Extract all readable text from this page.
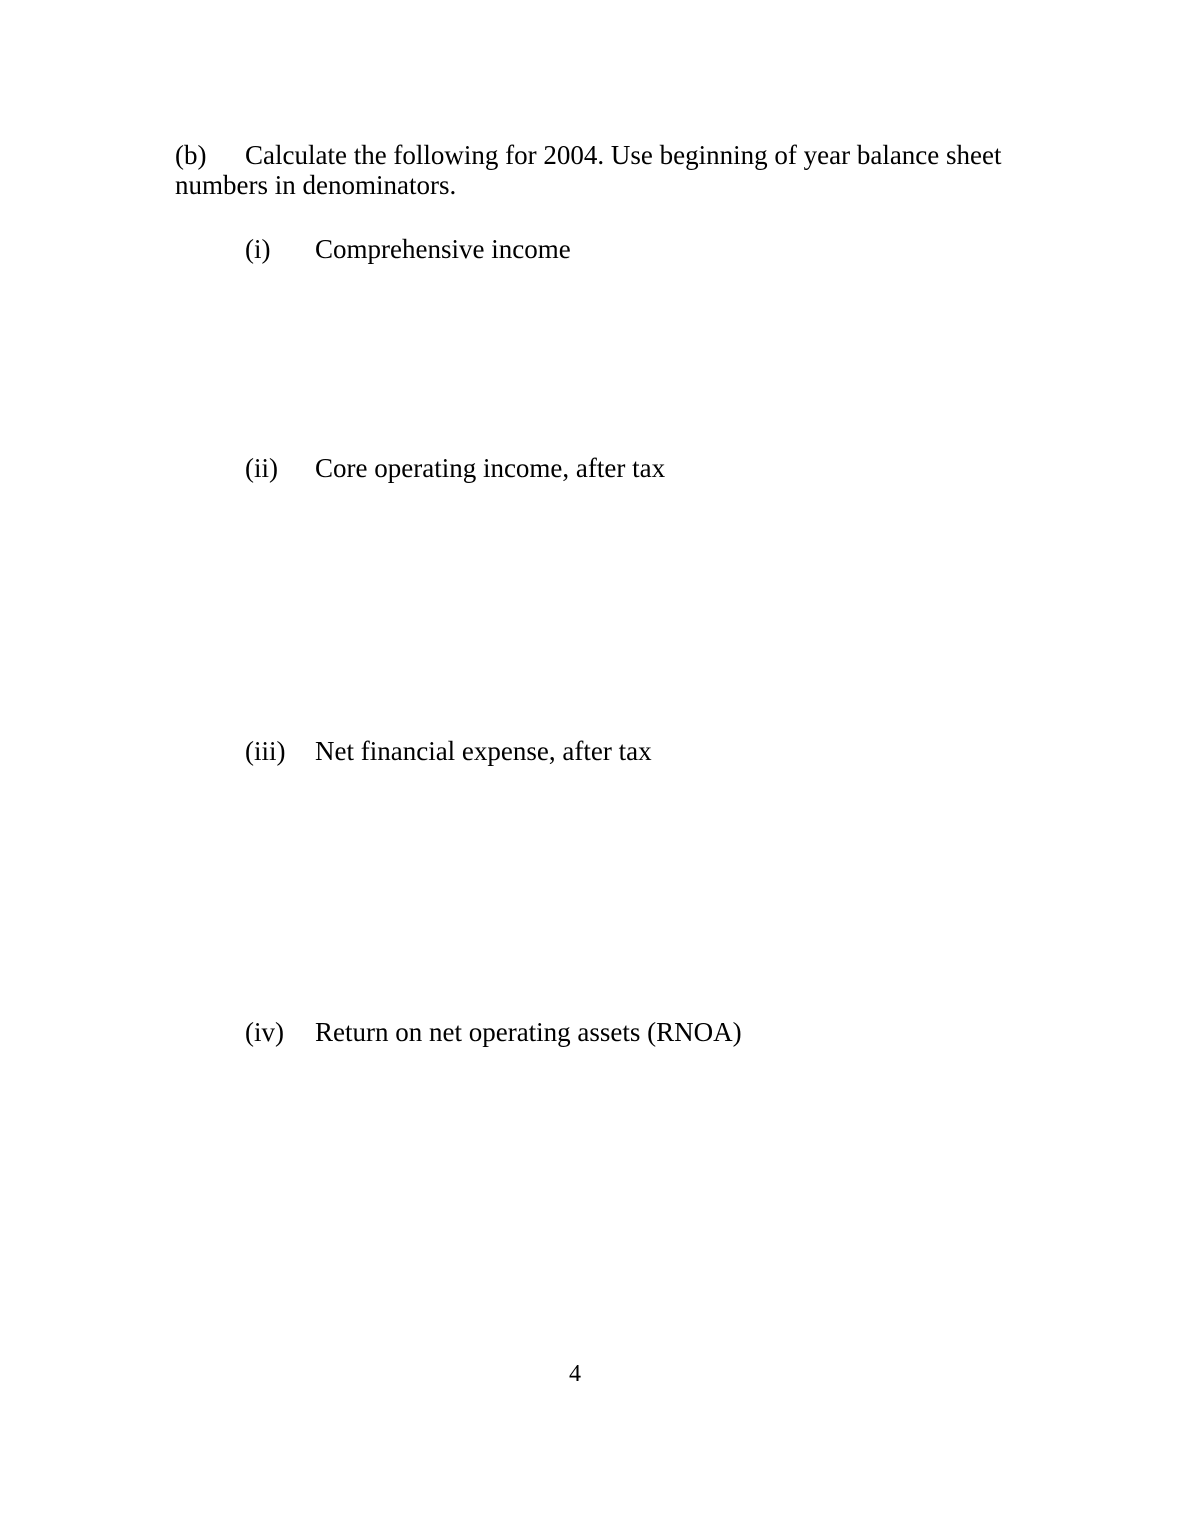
(b) Calculate the following for 2004. Use beginning of year balance sheet numbers in denominators.
(i) Comprehensive income
(ii) Core operating income, after tax
(iii) Net financial expense, after tax
(iv) Return on net operating assets (RNOA)
4
